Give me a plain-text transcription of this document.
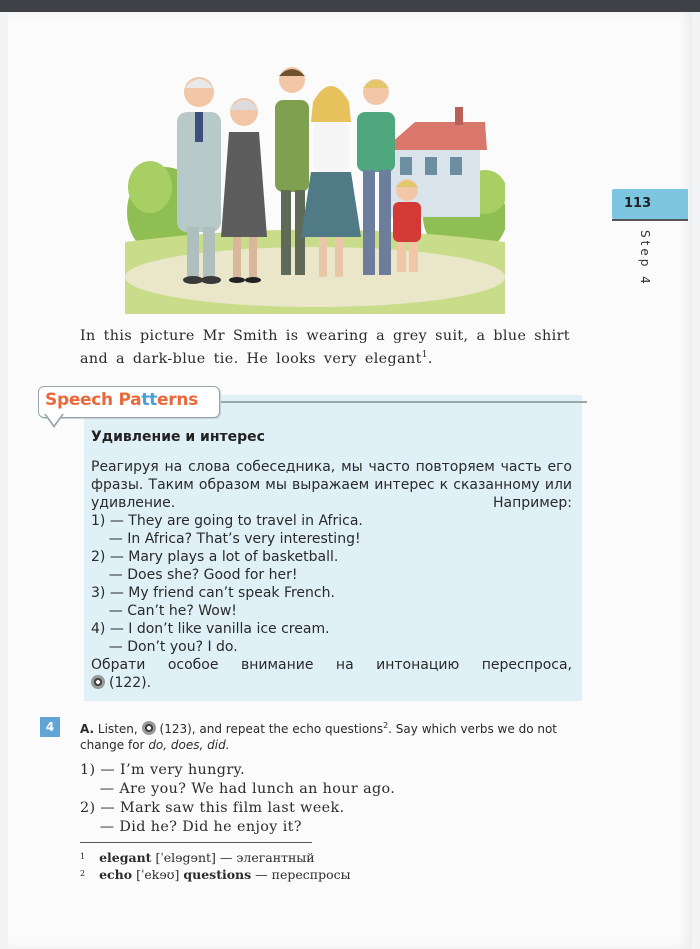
113
Step 4
In this picture Mr Smith is wearing a grey suit, a blue shirt and a dark-blue tie. He looks very elegant$^1$.
Speech Patterns
Удивление и интерес
Реагируя на слова собеседника, мы часто повторяем часть его фразы. Таким образом мы выражаем интерес к сказанному или удивление. Например:
1) — They are going to travel in Africa.
— In Africa? That’s very interesting!
2) — Mary plays a lot of basketball.
— Does she? Good for her!
3) — My friend can’t speak French.
— Can’t he? Wow!
4) — I don’t like vanilla ice cream.
— Don’t you? I do.
Обрати особое внимание на интонацию переспроса,
(122).
4	A. Listen, (123), and repeat the echo questions$^2$. Say which verbs we do not change for do, does, did.
1) — I’m very hungry.
— Are you? We had lunch an hour ago.
2) — Mark saw this film last week.
— Did he? Did he enjoy it?
$^1$ elegant [ˈelɘgɘnt] — элегантный
$^2$ echo [ˈekɘʊ] questions — переспросы
